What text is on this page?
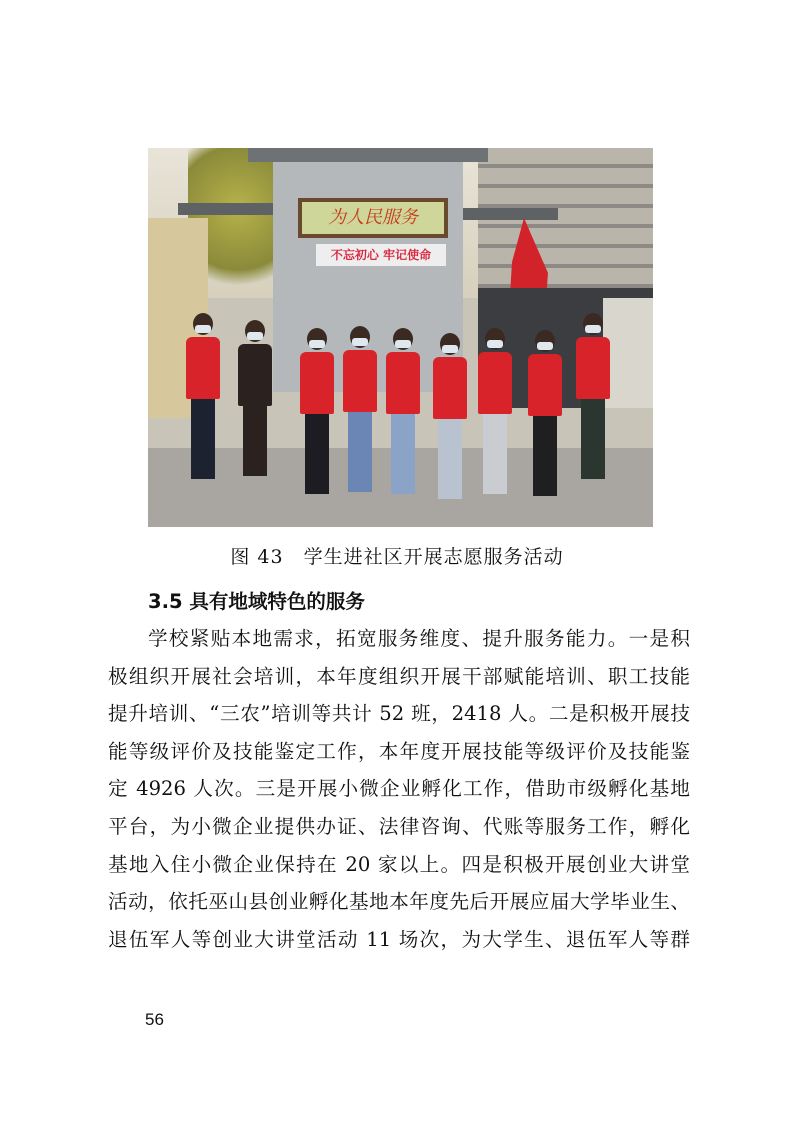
为人民服务
不忘初心 牢记使命
图 43　学生进社区开展志愿服务活动
3.5 具有地域特色的服务
学校紧贴本地需求，拓宽服务维度、提升服务能力。一是积
极组织开展社会培训，本年度组织开展干部赋能培训、职工技能
提升培训、“三农”培训等共计 52 班，2418 人。二是积极开展技
能等级评价及技能鉴定工作，本年度开展技能等级评价及技能鉴
定 4926 人次。三是开展小微企业孵化工作，借助市级孵化基地
平台，为小微企业提供办证、法律咨询、代账等服务工作，孵化
基地入住小微企业保持在 20 家以上。四是积极开展创业大讲堂
活动，依托巫山县创业孵化基地本年度先后开展应届大学毕业生、
退伍军人等创业大讲堂活动 11 场次，为大学生、退伍军人等群
56
